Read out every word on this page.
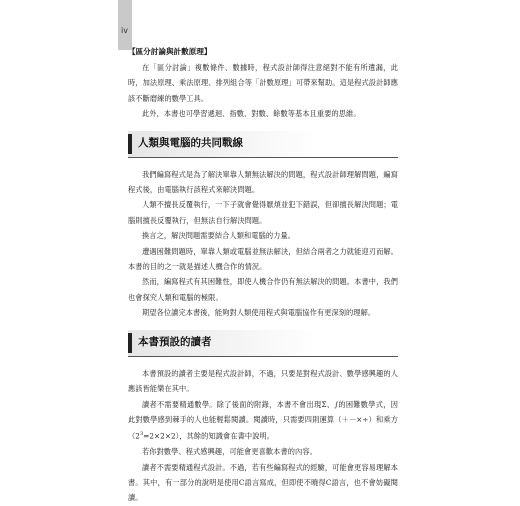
iv
【區分討論與計數原理】

在「區分討論」複數條件、數據時，程式設計師得注意絕對不能有所遺漏，此時，加法原理、乘法原理、排列組合等「計數原理」可帶來幫助。這是程式設計師應該不斷磨練的數學工具。

此外，本書也可學習遞迴、指數、對數、餘數等基本且重要的思維。

人類與電腦的共同戰線

我們編寫程式是為了解決單靠人類無法解決的問題，程式設計師理解問題，編寫程式後，由電腦執行該程式來解決問題。

人類不擅長反覆執行，一下子就會覺得厭煩並犯下錯誤，但卻擅長解決問題；電腦則擅長反覆執行，但無法自行解決問題。

換言之，解決問題需要結合人類和電腦的力量。

遭遇困難問題時，單靠人類或電腦並無法解決，但結合兩者之力就能迎刃而解。本書的目的之一就是描述人機合作的情況。

然而，編寫程式有其困難性，即使人機合作仍有無法解決的問題。本書中，我們也會探究人類和電腦的極限。

期望各位讀完本書後，能夠對人類使用程式與電腦協作有更深刻的理解。

本書預設的讀者

本書預設的讀者主要是程式設計師，不過，只要是對程式設計、數學感興趣的人應該皆能樂在其中。

讀者不需要精通數學。除了後面的附錄，本書不會出現Σ、∫的困難數學式，因此對數學感到棘手的人也能輕鬆閱讀。閱讀時，只需要四則運算（＋－×÷）和乘方$(2^3=2\times 2\times 2)$，其餘的知識會在書中說明。

若你對數學、程式感興趣，可能會更喜歡本書的內容。

讀者不需要精通程式設計。不過，若有些編寫程式的經驗，可能會更容易理解本書。其中，有一部分的說明是使用C語言寫成，但即使不曉得C語言，也不會妨礙閱讀。
